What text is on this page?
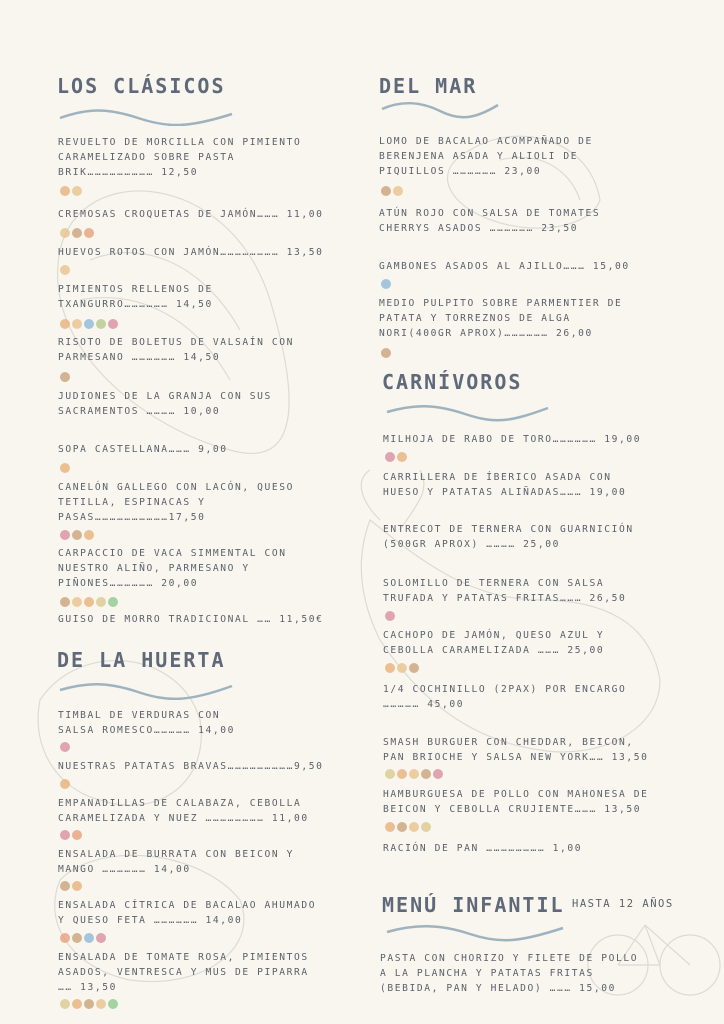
LOS CLÁSICOS
REVUELTO DE MORCILLA CON PIMIENTO
CARAMELIZADO SOBRE PASTA
BRIK……………………… 12,50
CREMOSAS CROQUETAS DE JAMÓN……… 11,00
HUEVOS ROTOS CON JAMÓN…………………… 13,50
PIMIENTOS RELLENOS DE
TXANGURRO……………… 14,50
RISOTO DE BOLETUS DE VALSAÍN CON
PARMESANO ……………… 14,50
JUDIONES DE LA GRANJA CON SUS
SACRAMENTOS ………… 10,00
SOPA CASTELLANA……… 9,00
CANELÓN GALLEGO CON LACÓN, QUESO
TETILLA, ESPINACAS Y
PASAS…………………………17,50
CARPACCIO DE VACA SIMMENTAL CON
NUESTRO ALIÑO, PARMESANO Y
PIÑONES……………… 20,00
GUISO DE MORRO TRADICIONAL …… 11,50€
DE LA HUERTA
TIMBAL DE VERDURAS CON
SALSA ROMESCO…………… 14,00
NUESTRAS PATATAS BRAVAS………………………9,50
EMPANADILLAS DE CALABAZA, CEBOLLA
CARAMELIZADA Y NUEZ …………………… 11,00
ENSALADA DE BURRATA CON BEICON Y
MANGO ……………… 14,00
ENSALADA CÍTRICA DE BACALAO AHUMADO
Y QUESO FETA ……………… 14,00
ENSALADA DE TOMATE ROSA, PIMIENTOS
ASADOS, VENTRESCA Y MUS DE PIPARRA
…… 13,50
DEL MAR
LOMO DE BACALAO ACOMPAÑADO DE
BERENJENA ASADA Y ALIOLI DE
PIQUILLOS ……………… 23,00
ATÚN ROJO CON SALSA DE TOMATES
CHERRYS ASADOS ……………… 23,50
GAMBONES ASADOS AL AJILLO……… 15,00
MEDIO PULPITO SOBRE PARMENTIER DE
PATATA Y TORREZNOS DE ALGA
NORI(400GR APROX)……………… 26,00
CARNÍVOROS
MILHOJA DE RABO DE TORO……………… 19,00
CARRILLERA DE ÍBERICO ASADA CON
HUESO Y PATATAS ALIÑADAS……… 19,00
ENTRECOT DE TERNERA CON GUARNICIÓN
(500GR APROX) ………… 25,00
SOLOMILLO DE TERNERA CON SALSA
TRUFADA Y PATATAS FRITAS……… 26,50
CACHOPO DE JAMÓN, QUESO AZUL Y
CEBOLLA CARAMELIZADA ……… 25,00
1/4 COCHINILLO (2PAX) POR ENCARGO
…………… 45,00
SMASH BURGUER CON CHEDDAR, BEICON,
PAN BRIOCHE Y SALSA NEW YORK…… 13,50
HAMBURGUESA DE POLLO CON MAHONESA DE
BEICON Y CEBOLLA CRUJIENTE……… 13,50
RACIÓN DE PAN …………………… 1,00
MENÚ INFANTIL HASTA 12 AÑOS
PASTA CON CHORIZO Y FILETE DE POLLO
A LA PLANCHA Y PATATAS FRITAS
(BEBIDA, PAN Y HELADO) ……… 15,00
